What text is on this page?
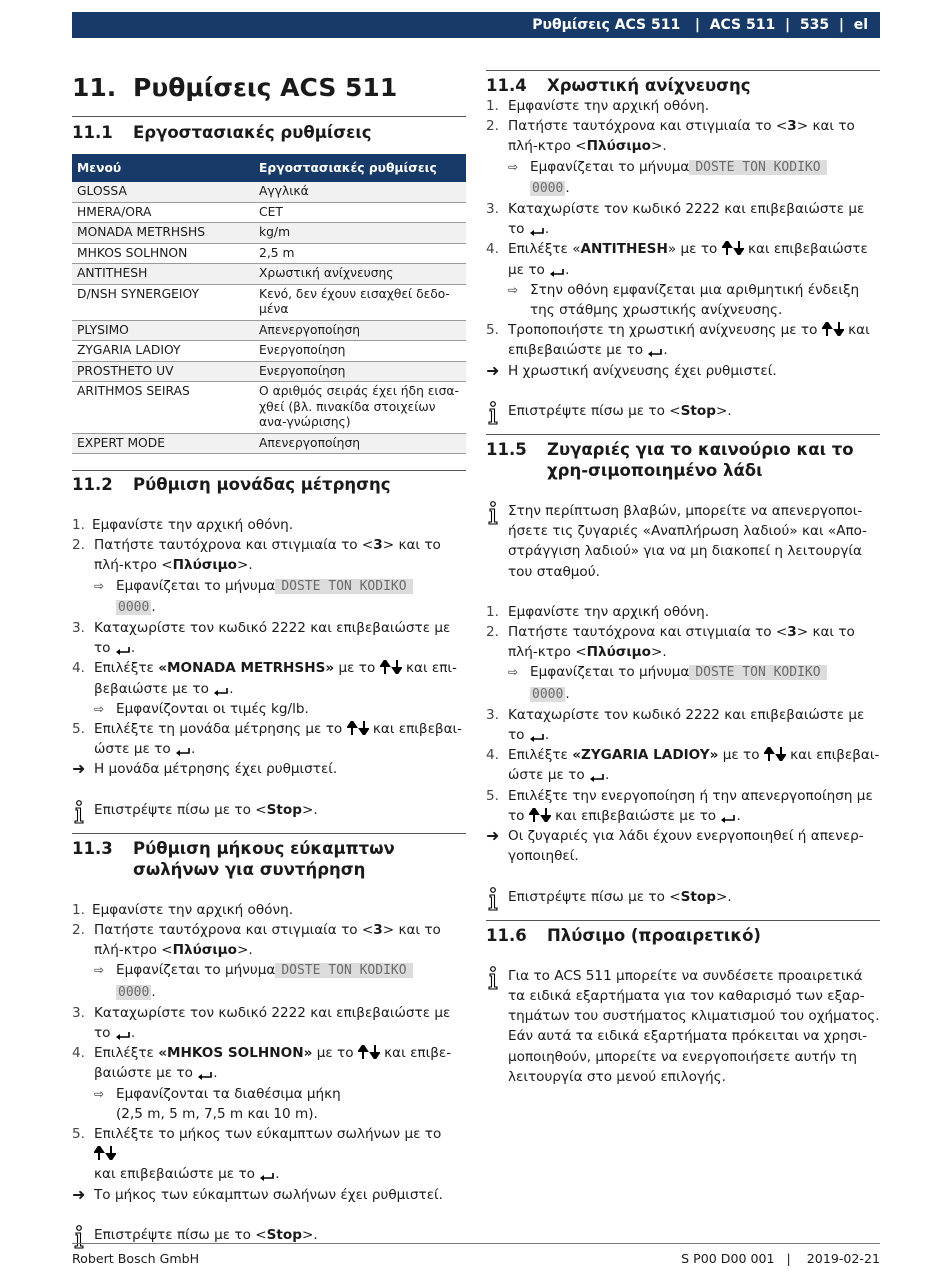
Ρυθμίσεις ACS 511 | ACS 511 | 535 | el
11. Ρυθμίσεις ACS 511
11.1	Εργοστασιακές ρυθμίσεις
Μενού	Εργοστασιακές ρυθμίσεις
GLOSSA	Αγγλικά
HMERA/ORA	CET
MONADA METRHSHS	kg/m
MHKOS SOLHNON	2,5 m
ANTITHESH	Χρωστική ανίχνευσης
D/NSH SYNERGEIOY	Κενό, δεν έχουν εισαχθεί δεδο-μένα
PLYSIMO	Απενεργοποίηση
ZYGARIA LADIOY	Ενεργοποίηση
PROSTHETO UV	Ενεργοποίηση
ARITHMOS SEIRAS	Ο αριθμός σειράς έχει ήδη εισα-χθεί (βλ. πινακίδα στοιχείων ανα-γνώρισης)
EXPERT MODE	Απενεργοποίηση
11.2	Ρύθμιση μονάδας μέτρησης
1. Εμφανίστε την αρχική οθόνη.
2. Πατήστε ταυτόχρονα και στιγμιαία το <3> και το πλή-κτρο <Πλύσιμο>.
⇨ Εμφανίζεται το μήνυμα DOSTE TON KODIKO
0000 .
3. Καταχωρίστε τον κωδικό 2222 και επιβεβαιώστε με
το .
4. Επιλέξτε «MONADA METRHSHS» με το και επι-
βεβαιώστε με το .
⇨ Εμφανίζονται οι τιμές kg/lb.
5. Επιλέξτε τη μονάδα μέτρησης με το και επιβεβαι-
ώστε με το .
➜ Η μονάδα μέτρησης έχει ρυθμιστεί.
Επιστρέψτε πίσω με το <Stop>.
11.3	Ρύθμιση μήκους εύκαμπτων σωλήνων για συντήρηση
1. Εμφανίστε την αρχική οθόνη.
2. Πατήστε ταυτόχρονα και στιγμιαία το <3> και το πλή-κτρο <Πλύσιμο>.
⇨ Εμφανίζεται το μήνυμα DOSTE TON KODIKO
0000 .
3. Καταχωρίστε τον κωδικό 2222 και επιβεβαιώστε με
το .
4. Επιλέξτε «MHKOS SOLHNON» με το και επιβε-
βαιώστε με το .
⇨ Εμφανίζονται τα διαθέσιμα μήκη
(2,5 m, 5 m, 7,5 m και 10 m).
5. Επιλέξτε το μήκος των εύκαμπτων σωλήνων με το
και επιβεβαιώστε με το .
➜ Το μήκος των εύκαμπτων σωλήνων έχει ρυθμιστεί.
Επιστρέψτε πίσω με το <Stop>.
11.4	Χρωστική ανίχνευσης
1. Εμφανίστε την αρχική οθόνη.
2. Πατήστε ταυτόχρονα και στιγμιαία το <3> και το πλή-κτρο <Πλύσιμο>.
⇨ Εμφανίζεται το μήνυμα DOSTE TON KODIKO
0000 .
3. Καταχωρίστε τον κωδικό 2222 και επιβεβαιώστε με
το .
4. Επιλέξτε «ANTITHESH» με το και επιβεβαιώστε
με το .
⇨ Στην οθόνη εμφανίζεται μια αριθμητική ένδειξη
της στάθμης χρωστικής ανίχνευσης.
5. Τροποποιήστε τη χρωστική ανίχνευσης με το και
επιβεβαιώστε με το .
➜ Η χρωστική ανίχνευσης έχει ρυθμιστεί.
Επιστρέψτε πίσω με το <Stop>.
11.5	Ζυγαριές για το καινούριο και το χρη-σιμοποιημένο λάδι
Στην περίπτωση βλαβών, μπορείτε να απενεργοποι-ήσετε τις ζυγαριές «Αναπλήρωση λαδιού» και «Απο-στράγγιση λαδιού» για να μη διακοπεί η λειτουργία του σταθμού.
1. Εμφανίστε την αρχική οθόνη.
2. Πατήστε ταυτόχρονα και στιγμιαία το <3> και το πλή-κτρο <Πλύσιμο>.
⇨ Εμφανίζεται το μήνυμα DOSTE TON KODIKO
0000 .
3. Καταχωρίστε τον κωδικό 2222 και επιβεβαιώστε με
το .
4. Επιλέξτε «ZYGARIA LADIOY» με το και επιβεβαι-
ώστε με το .
5. Επιλέξτε την ενεργοποίηση ή την απενεργοποίηση με
το και επιβεβαιώστε με το .
➜ Οι ζυγαριές για λάδι έχουν ενεργοποιηθεί ή απενερ-γοποιηθεί.
Επιστρέψτε πίσω με το <Stop>.
11.6	Πλύσιμο (προαιρετικό)
Για το ACS 511 μπορείτε να συνδέσετε προαιρετικά τα ειδικά εξαρτήματα για τον καθαρισμό των εξαρ-τημάτων του συστήματος κλιματισμού του οχήματος. Εάν αυτά τα ειδικά εξαρτήματα πρόκειται να χρησι-μοποιηθούν, μπορείτε να ενεργοποιήσετε αυτήν τη λειτουργία στο μενού επιλογής.
Robert Bosch GmbH	S P00 D00 001   |    2019-02-21
